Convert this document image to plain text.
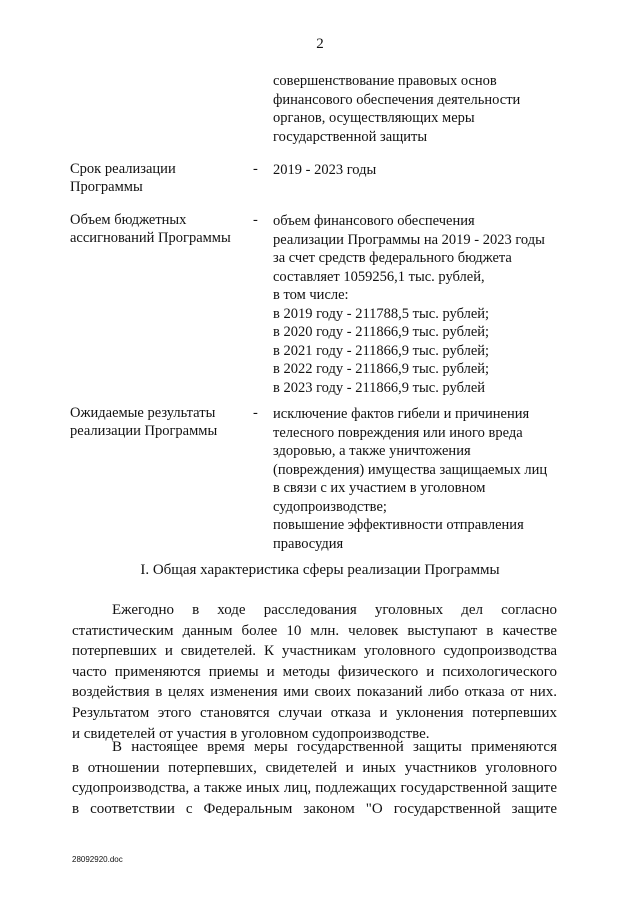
2
совершенствование правовых основ
финансового обеспечения деятельности
органов, осуществляющих меры
государственной защиты
Срок реализации
Программы
- 2019 - 2023 годы
Объем бюджетных
ассигнований Программы
- объем финансового обеспечения
реализации Программы на 2019 - 2023 годы
за счет средств федерального бюджета
составляет 1059256,1 тыс. рублей,
в том числе:
в 2019 году - 211788,5 тыс. рублей;
в 2020 году - 211866,9 тыс. рублей;
в 2021 году - 211866,9 тыс. рублей;
в 2022 году - 211866,9 тыс. рублей;
в 2023 году - 211866,9 тыс. рублей
Ожидаемые результаты
реализации Программы
- исключение фактов гибели и причинения
телесного повреждения или иного вреда
здоровью, а также уничтожения
(повреждения) имущества защищаемых лиц
в связи с их участием в уголовном
судопроизводстве;
повышение эффективности отправления
правосудия
I. Общая характеристика сферы реализации Программы
Ежегодно в ходе расследования уголовных дел согласно
статистическим данным более 10 млн. человек выступают в качестве
потерпевших и свидетелей. К участникам уголовного судопроизводства
часто применяются приемы и методы физического и психологического
воздействия в целях изменения ими своих показаний либо отказа от них.
Результатом этого становятся случаи отказа и уклонения потерпевших
и свидетелей от участия в уголовном судопроизводстве.
В настоящее время меры государственной защиты применяются
в отношении потерпевших, свидетелей и иных участников уголовного
судопроизводства, а также иных лиц, подлежащих государственной защите
в соответствии с Федеральным законом "О государственной защите
28092920.doc
